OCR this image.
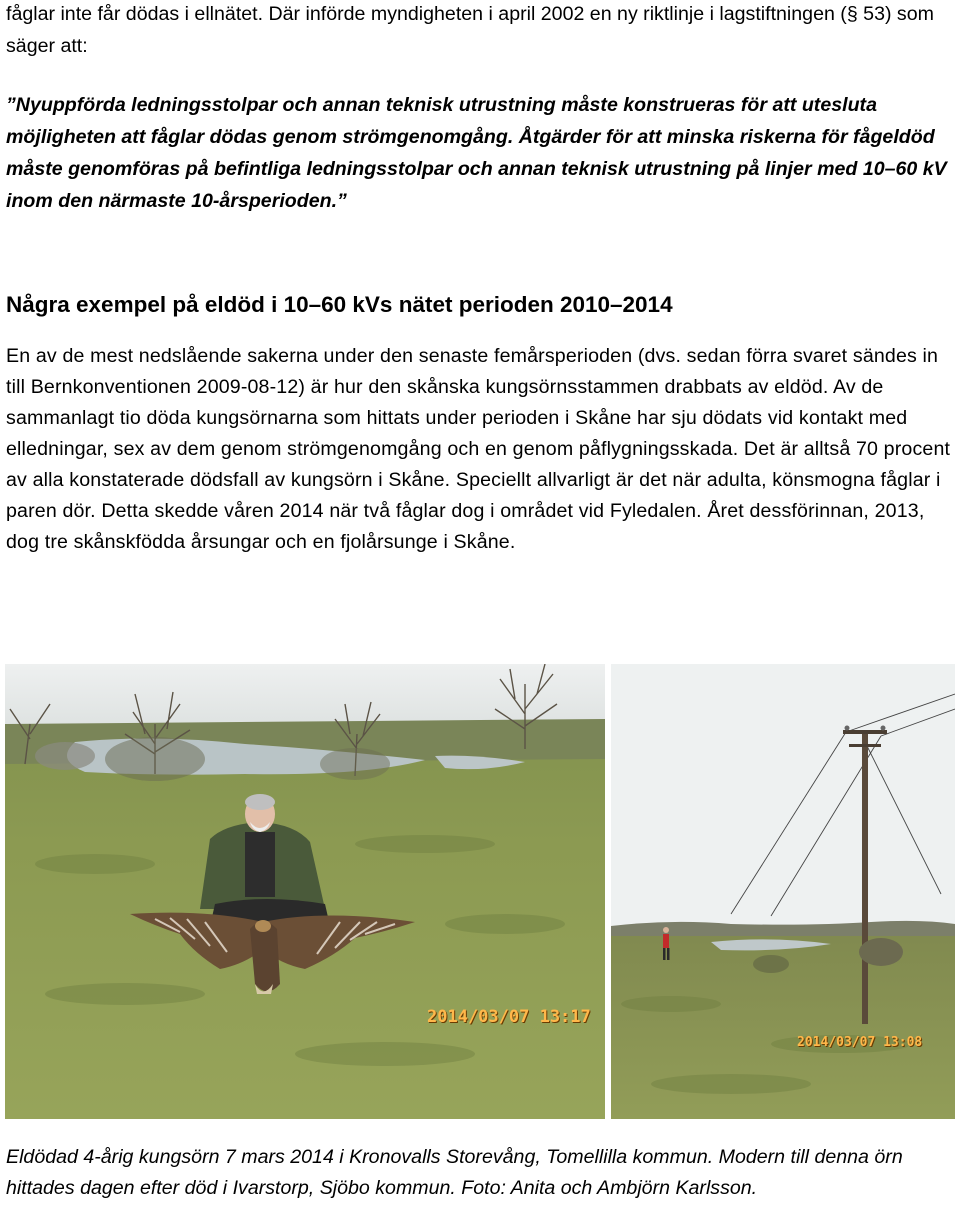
fåglar inte får dödas i ellnätet. Där införde myndigheten i april 2002 en ny riktlinje i lagstiftningen (§ 53) som säger att:

”Nyuppförda ledningsstolpar och annan teknisk utrustning måste konstrueras för att utesluta möjligheten att fåglar dödas genom strömgenomgång. Åtgärder för att minska riskerna för fågeldöd måste genomföras på befintliga ledningsstolpar och annan teknisk utrustning på linjer med 10–60 kV inom den närmaste 10-årsperioden.”

Några exempel på eldöd i 10–60 kVs nätet perioden 2010–2014

En av de mest nedslående sakerna under den senaste femårsperioden (dvs. sedan förra svaret sändes in till Bernkonventionen 2009-08-12) är hur den skånska kungsörnsstammen drabbats av eldöd. Av de sammanlagt tio döda kungsörnarna som hittats under perioden i Skåne har sju dödats vid kontakt med elledningar, sex av dem genom strömgenomgång och en genom påflygningsskada. Det är alltså 70 procent av alla konstaterade dödsfall av kungsörn i Skåne. Speciellt allvarligt är det när adulta, könsmogna fåglar i paren dör. Detta skedde våren 2014 när två fåglar dog i området vid Fyledalen. Året dessförinnan, 2013, dog tre skånskfödda årsungar och en fjolårsunge i Skåne.

2014/03/07 13:17
2014/03/07 13:08

Eldödad 4-årig kungsörn 7 mars 2014 i Kronovalls Storevång, Tomellilla kommun. Modern till denna örn hittades dagen efter död i Ivarstorp, Sjöbo kommun. Foto: Anita och Ambjörn Karlsson.
